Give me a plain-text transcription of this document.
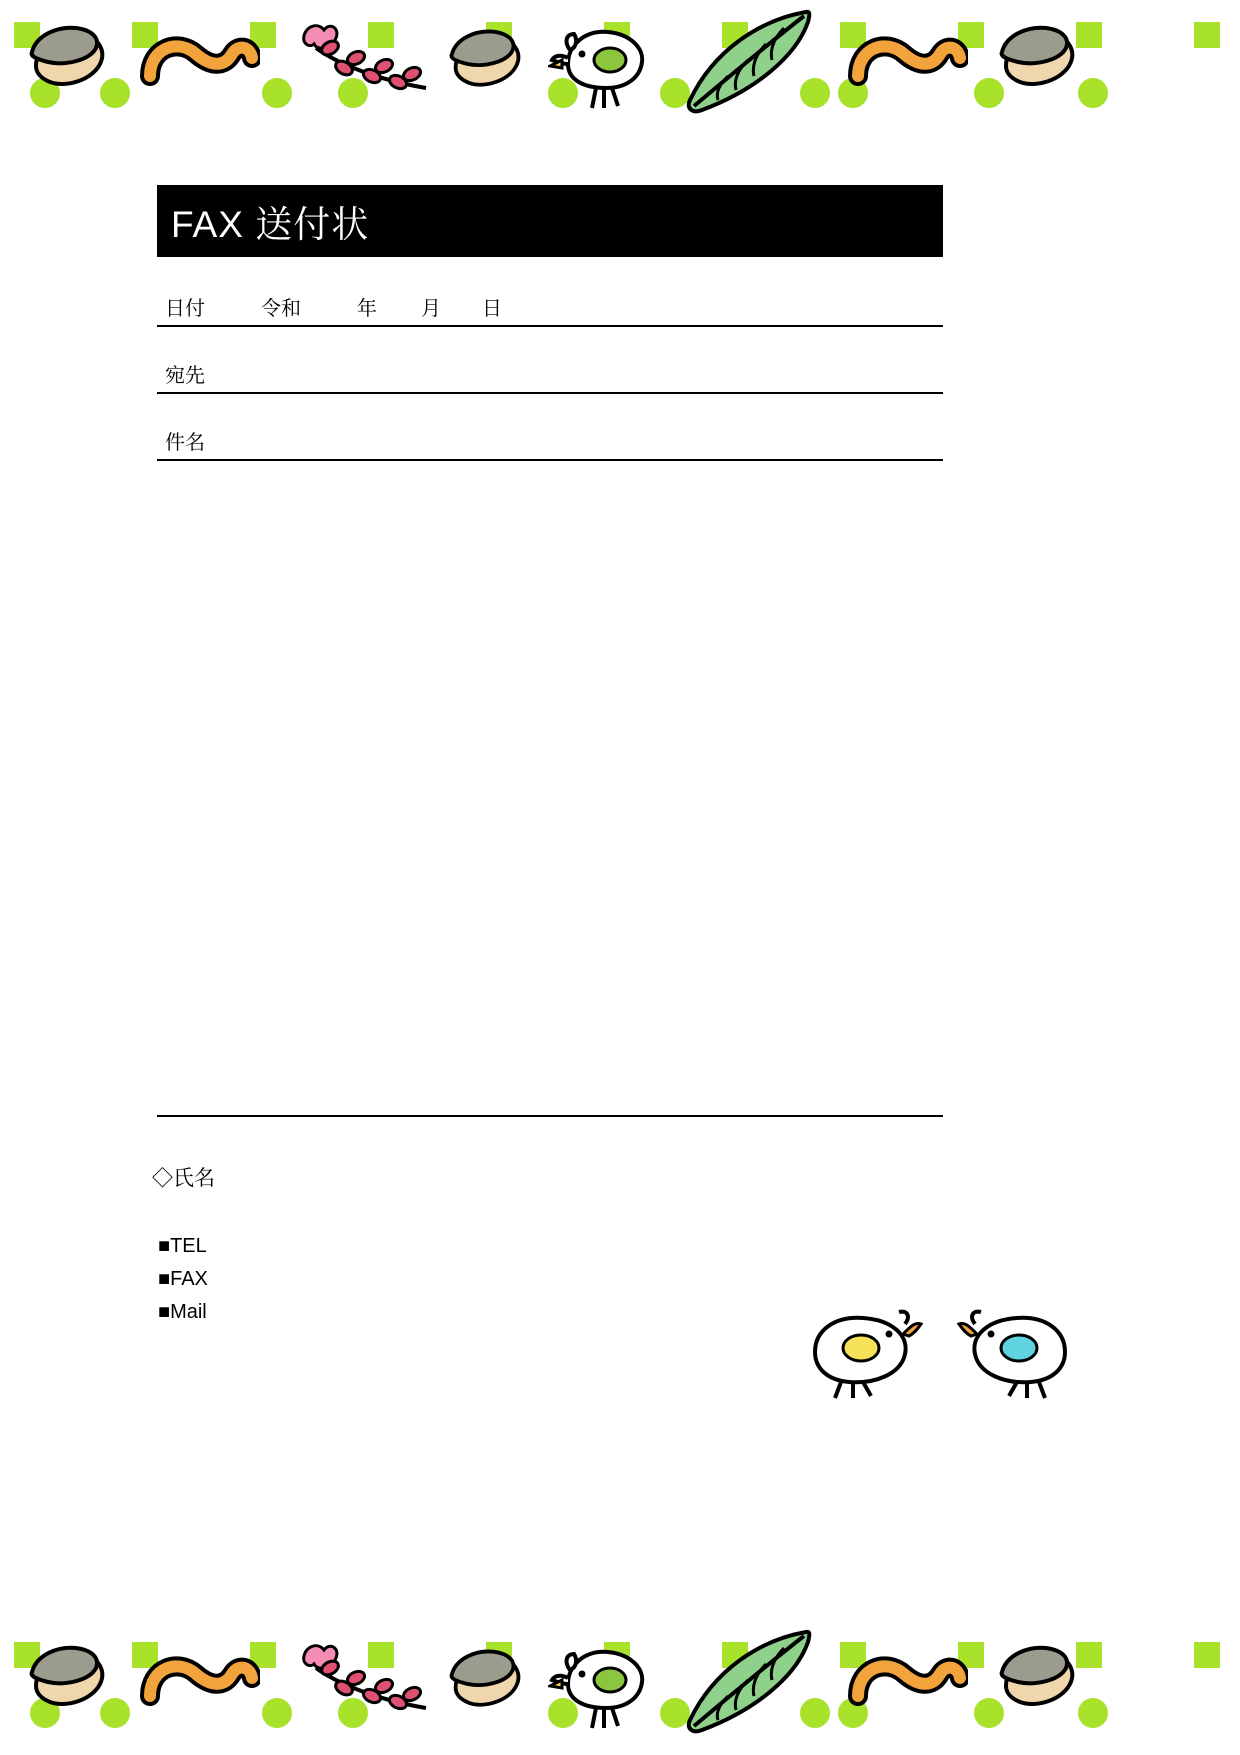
FAX 送付状
日付	令和	年 月 日
宛先
件名
◇氏名
■TEL
■FAX
■Mail
